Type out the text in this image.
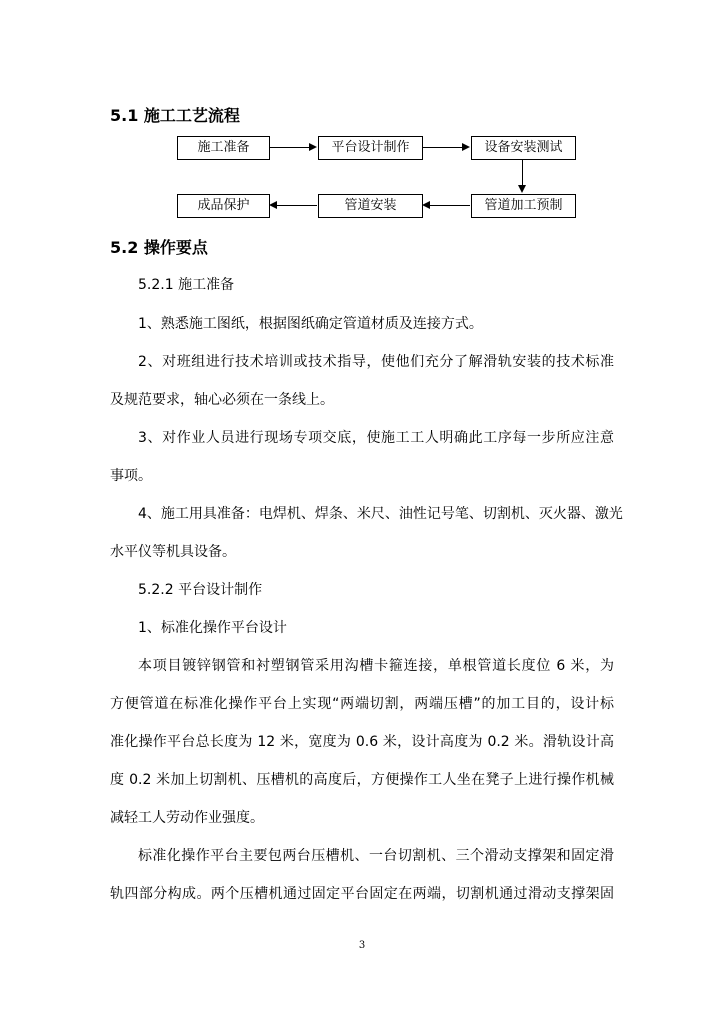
5.1 施工工艺流程
施工准备	平台设计制作	设备安装测试
管道加工预制
管道安装
成品保护
5.2 操作要点

5.2.1 施工准备

1、熟悉施工图纸，根据图纸确定管道材质及连接方式。

2、对班组进行技术培训或技术指导，使他们充分了解滑轨安装的技术标准

及规范要求，轴心必须在一条线上。

3、对作业人员进行现场专项交底，使施工工人明确此工序每一步所应注意

事项。

4、施工用具准备：电焊机、焊条、米尺、油性记号笔、切割机、灭火器、激光

水平仪等机具设备。

5.2.2 平台设计制作

1、标准化操作平台设计

本项目镀锌钢管和衬塑钢管采用沟槽卡箍连接，单根管道长度位 6 米，为

方便管道在标准化操作平台上实现“两端切割，两端压槽”的加工目的，设计标

准化操作平台总长度为 12 米，宽度为 0.6 米，设计高度为 0.2 米。滑轨设计高

度 0.2 米加上切割机、压槽机的高度后，方便操作工人坐在凳子上进行操作机械

减轻工人劳动作业强度。

标准化操作平台主要包两台压槽机、一台切割机、三个滑动支撑架和固定滑

轨四部分构成。两个压槽机通过固定平台固定在两端，切割机通过滑动支撑架固

3
